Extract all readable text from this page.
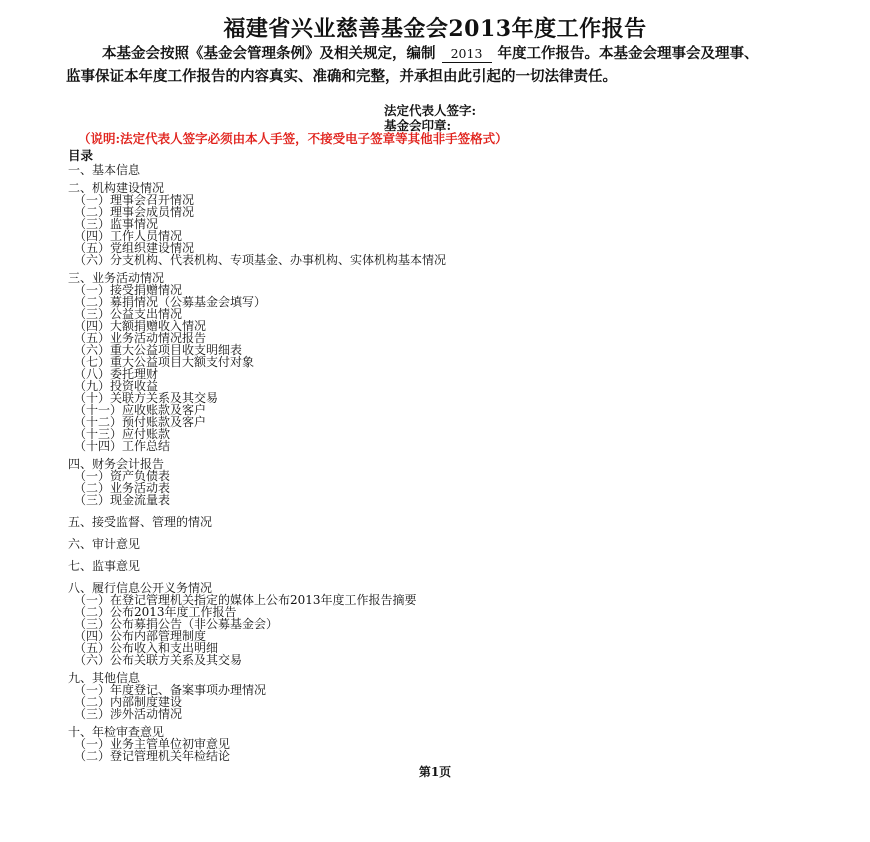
福建省兴业慈善基金会2013年度工作报告
本基金会按照《基金会管理条例》及相关规定，编制 2013 年度工作报告。本基金会理事会及理事、监事保证本年度工作报告的内容真实、准确和完整，并承担由此引起的一切法律责任。
法定代表人签字:
基金会印章:
（说明:法定代表人签字必须由本人手签，不接受电子签章等其他非手签格式）
目录
一、基本信息
二、机构建设情况
（一）理事会召开情况
（二）理事会成员情况
（三）监事情况
（四）工作人员情况
（五）党组织建设情况
（六）分支机构、代表机构、专项基金、办事机构、实体机构基本情况
三、业务活动情况
（一）接受捐赠情况
（二）募捐情况（公募基金会填写）
（三）公益支出情况
（四）大额捐赠收入情况
（五）业务活动情况报告
（六）重大公益项目收支明细表
（七）重大公益项目大额支付对象
（八）委托理财
（九）投资收益
（十）关联方关系及其交易
（十一）应收账款及客户
（十二）预付账款及客户
（十三）应付账款
（十四）工作总结
四、财务会计报告
（一）资产负债表
（二）业务活动表
（三）现金流量表
五、接受监督、管理的情况
六、审计意见
七、监事意见
八、履行信息公开义务情况
（一）在登记管理机关指定的媒体上公布2013年度工作报告摘要
（二）公布2013年度工作报告
（三）公布募捐公告（非公募基金会）
（四）公布内部管理制度
（五）公布收入和支出明细
（六）公布关联方关系及其交易
九、其他信息
（一）年度登记、备案事项办理情况
（二）内部制度建设
（三）涉外活动情况
十、年检审查意见
（一）业务主管单位初审意见
（二）登记管理机关年检结论
第1页
